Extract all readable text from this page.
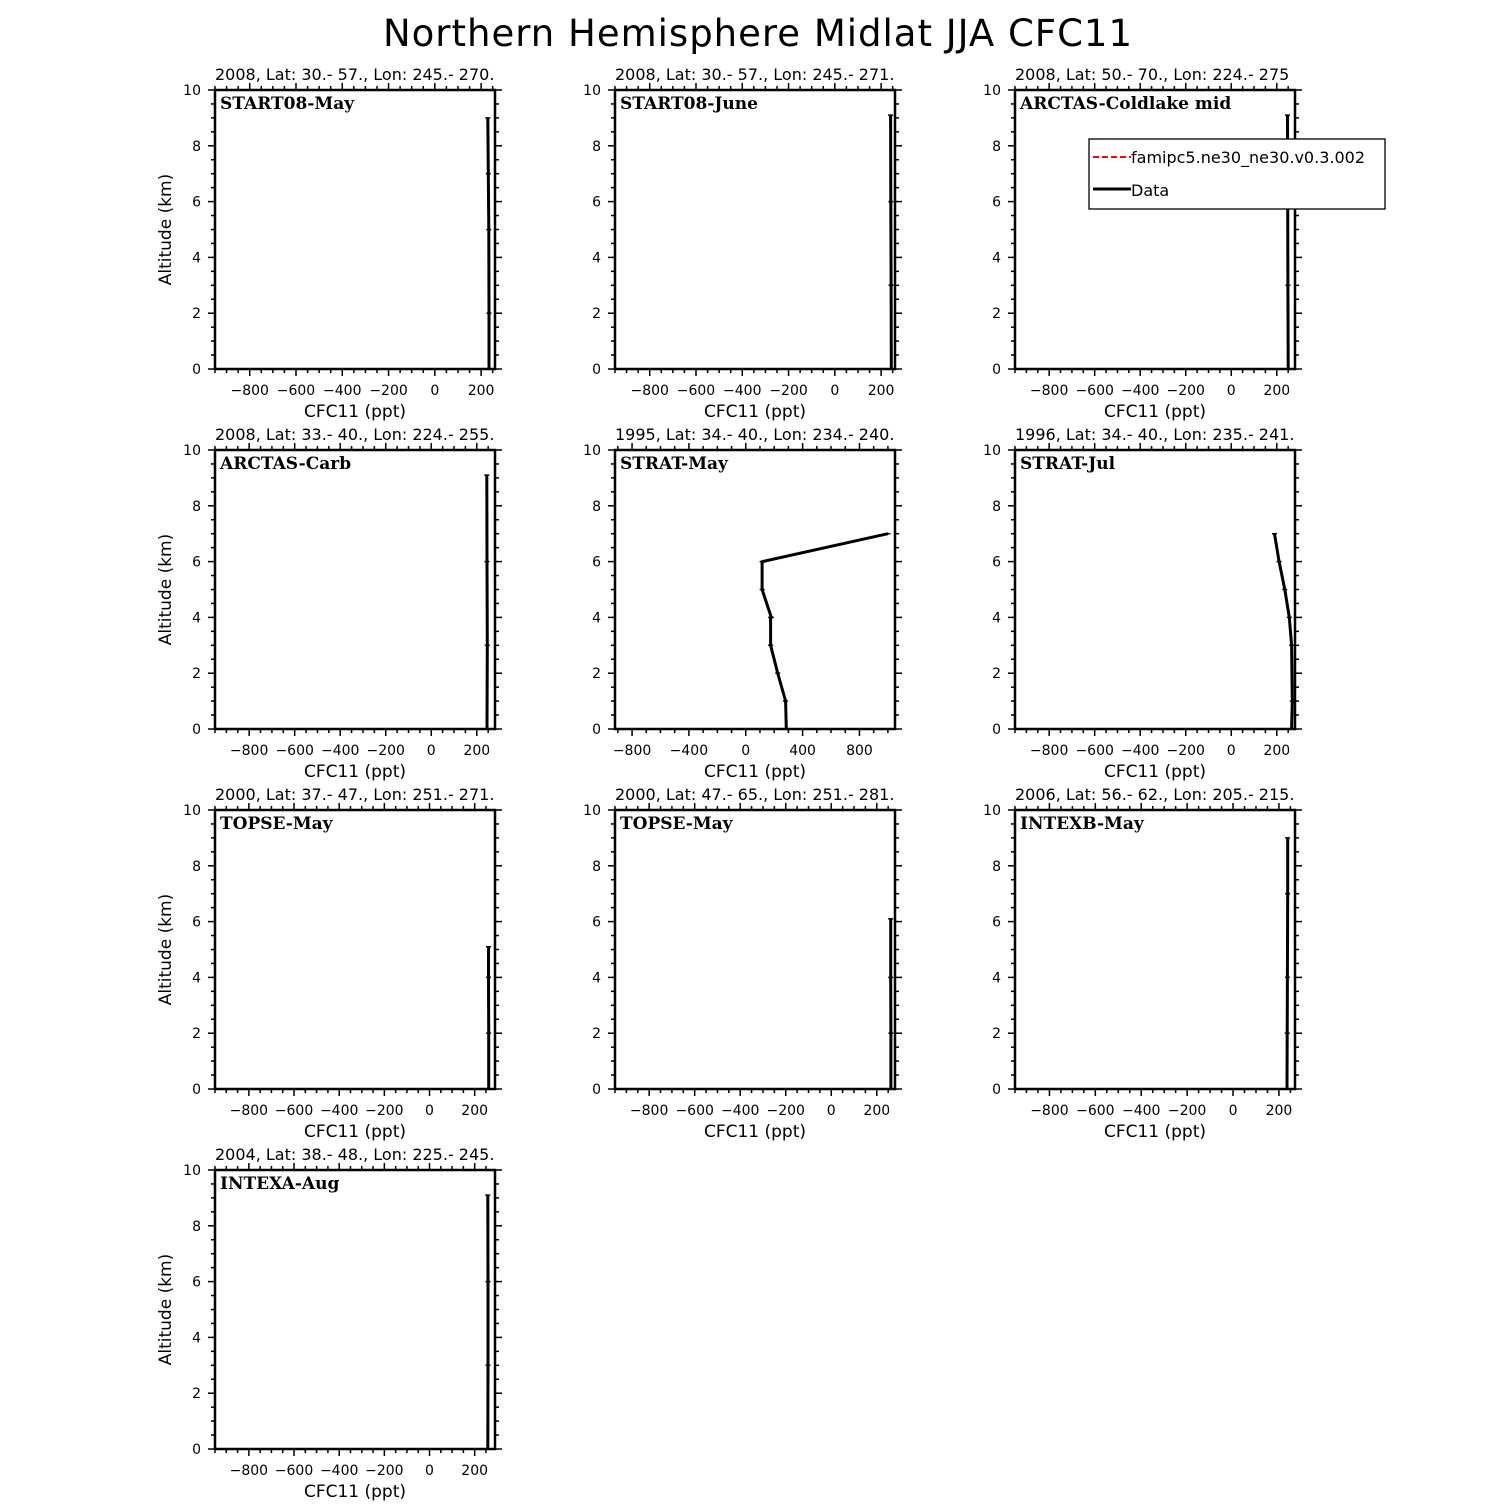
Northern Hemisphere Midlat JJA CFC11
2008, Lat: 30.- 57., Lon: 245.- 270.
0
2
4
6
8
10
−800 −600 −400 −200 0 200
CFC11 (ppt)
Altitude (km)
START08-May
2008, Lat: 30.- 57., Lon: 245.- 271.
0
2
4
6
8
10
−800 −600 −400 −200 0 200
CFC11 (ppt)
START08-June
2008, Lat: 50.- 70., Lon: 224.- 275
0
2
4
6
8
10
−800 −600 −400 −200 0 200
CFC11 (ppt)
ARCTAS-Coldlake mid
2008, Lat: 33.- 40., Lon: 224.- 255.
0
2
4
6
8
10
−800 −600 −400 −200 0 200
CFC11 (ppt)
Altitude (km)
ARCTAS-Carb
1995, Lat: 34.- 40., Lon: 234.- 240.
0
2
4
6
8
10
−800 −400 0	400 800
CFC11 (ppt)
STRAT-May
1996, Lat: 34.- 40., Lon: 235.- 241.
0
2
4
6
8
10
−800 −600 −400 −200 0 200
CFC11 (ppt)
STRAT-Jul
2000, Lat: 37.- 47., Lon: 251.- 271.
0
2
4
6
8
10
−800 −600 −400 −200 0 200
CFC11 (ppt)
Altitude (km)
TOPSE-May
2000, Lat: 47.- 65., Lon: 251.- 281.
0
2
4
6
8
10
−800 −600 −400 −200 0 200
CFC11 (ppt)
TOPSE-May
2006, Lat: 56.- 62., Lon: 205.- 215.
0
2
4
6
8
10
−800 −600 −400 −200 0 200
CFC11 (ppt)
INTEXB-May
2004, Lat: 38.- 48., Lon: 225.- 245.
0
2
4
6
8
10
−800 −600 −400 −200 0 200
CFC11 (ppt)
Altitude (km)
INTEXA-Aug
famipc5.ne30_ne30.v0.3.002
Data
